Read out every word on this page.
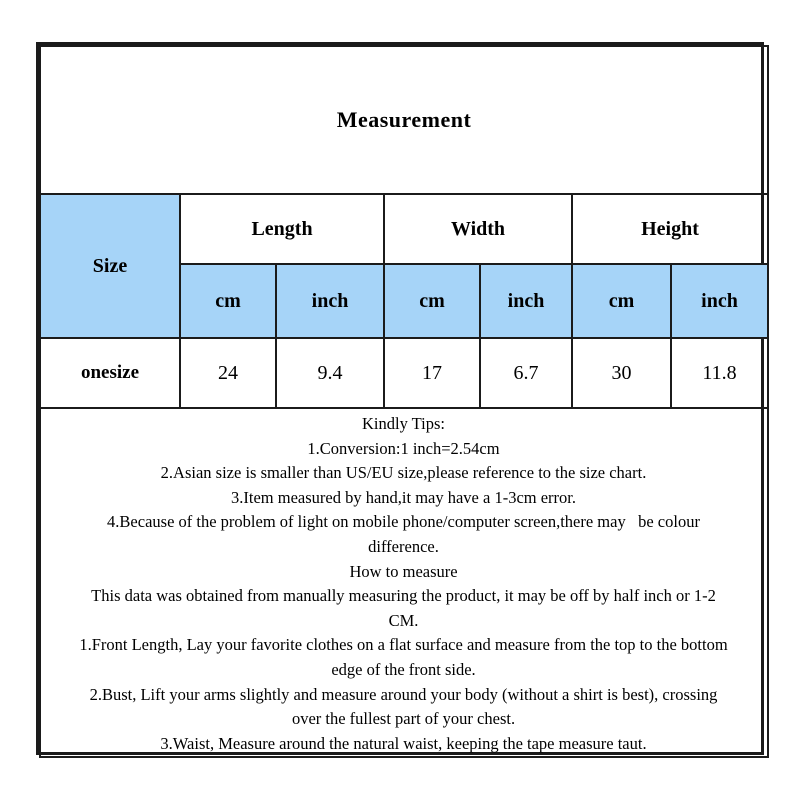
Measurement						
Size	Length		Width		Height	
	cm	inch	cm	inch	cm	inch
onesize	24	9.4	17	6.7	30	11.8

Kindly Tips:
1.Conversion:1 inch=2.54cm
2.Asian size is smaller than US/EU size,please reference to the size chart.
3.Item measured by hand,it may have a 1-3cm error.
4.Because of the problem of light on mobile phone/computer screen,there may   be colour
difference.
How to measure
This data was obtained from manually measuring the product, it may be off by half inch or 1-2
CM.
1.Front Length, Lay your favorite clothes on a flat surface and measure from the top to the bottom
edge of the front side.
2.Bust, Lift your arms slightly and measure around your body (without a shirt is best), crossing
over the fullest part of your chest.
3.Waist, Measure around the natural waist, keeping the tape measure taut.
